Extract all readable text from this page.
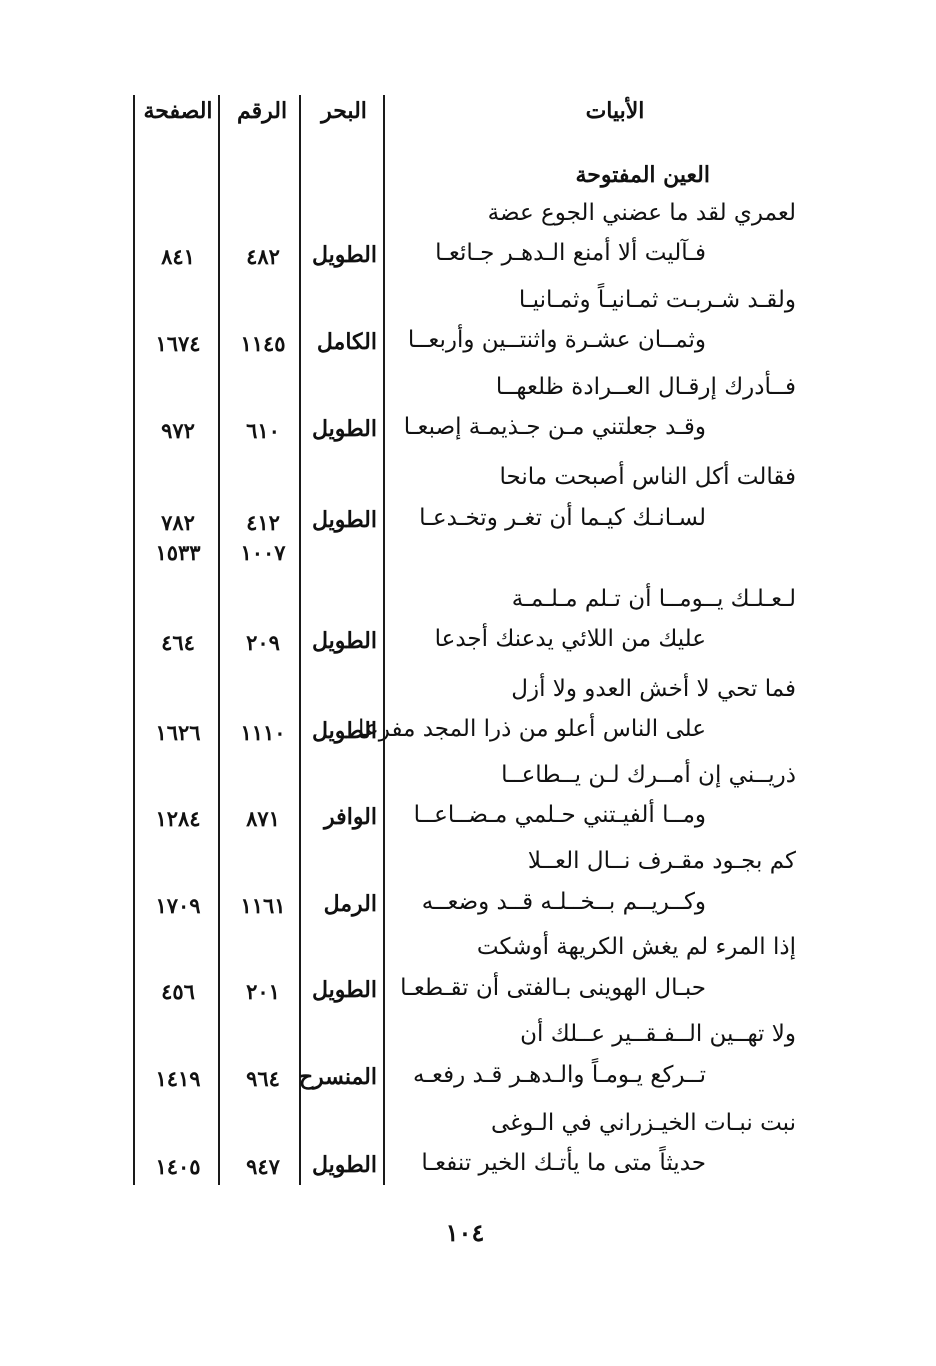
الأبيات
البحر
الرقم
الصفحة
العين المفتوحة
لعمري لقد ما عضني الجوع عضة
فـآليت ألا أمنع الـدهـر جـائعـا
الطويل
٤٨٢
٨٤١
ولقـد شـربـت ثمـانيـاً وثمـانيـا
وثمــان عشـرة واثنتــين وأربعــا
الكامل
١١٤٥
١٦٧٤
فــأدرك إرقـال العــرادة ظلعهــا
وقـد جعلتني مـن جـذيمـة إصبعـا
الطويل
٦١٠
٩٧٢
فقالت أكل الناس أصبحت مانحا
لسـانـك كيـما أن تغـر وتخـدعـا
الطويل
٤١٢
٧٨٢
١٠٠٧
١٥٣٣
لـعـلـك يــومــا أن تـلم مـلـمـة
عليك من اللائي يدعنك أجدعا
الطويل
٢٠٩
٤٦٤
فما تحي لا أخش العدو ولا أزل
على الناس أعلو من ذرا المجد مفرعا
الطويل
١١١٠
١٦٢٦
ذريــني إن أمــرك لـن يــطاعــا
ومــا ألفيـتني حـلمي مـضــاعــا
الوافر
٨٧١
١٢٨٤
كم بجـود مقـرف نــال العــلا
وكــريــم بــخــلـه قــد وضعــه
الرمل
١١٦١
١٧٠٩
إذا المرء لم يغش الكريهة أوشكت
حبـال الهوينى بـالفتى أن تقـطعـا
الطويل
٢٠١
٤٥٦
ولا تهــين الــفـقــير عــلك أن
تــركع يـومـاً والـدهـر قـد رفعـه
المنسرح
٩٦٤
١٤١٩
نبت نبـات الخيـزراني في الـوغى
حديثاً متى ما يأتـك الخير تنفعـا
الطويل
٩٤٧
١٤٠٥
١٠٤
